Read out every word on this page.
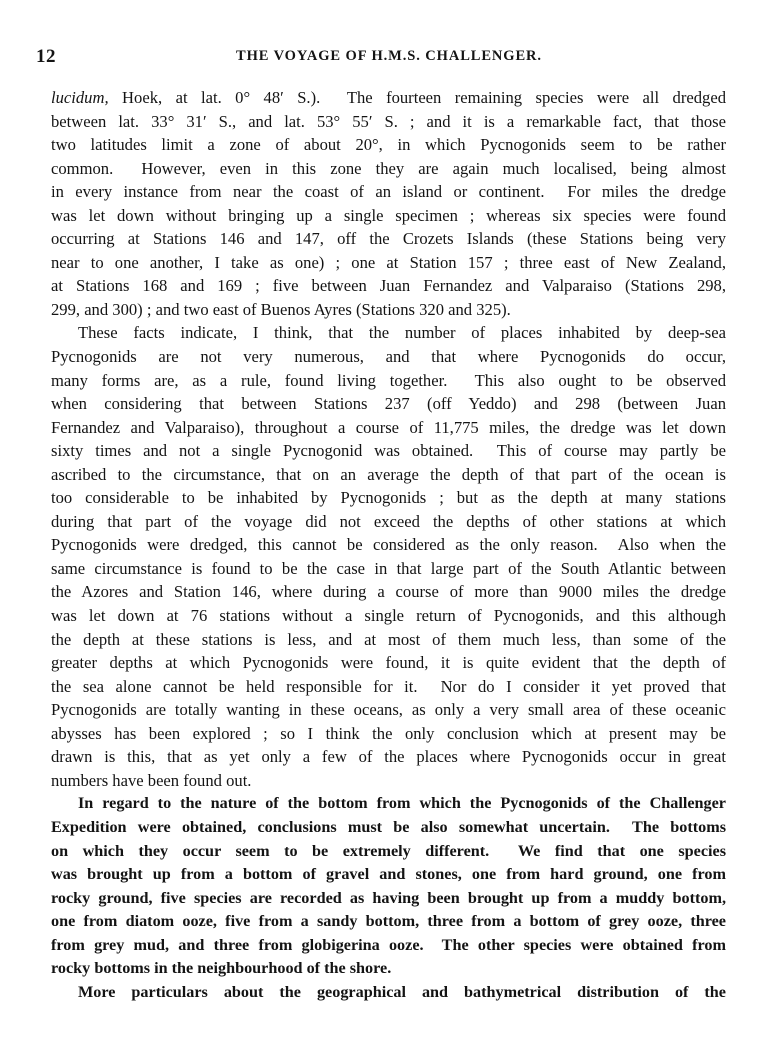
12	THE VOYAGE OF H.M.S. CHALLENGER.
lucidum, Hoek, at lat. 0° 48′ S.).  The fourteen remaining species were all dredged
between lat. 33° 31′ S., and lat. 53° 55′ S. ; and it is a remarkable fact, that those
two latitudes limit a zone of about 20°, in which Pycnogonids seem to be rather
common.  However, even in this zone they are again much localised, being almost
in every instance from near the coast of an island or continent.  For miles the dredge
was let down without bringing up a single specimen ; whereas six species were found
occurring at Stations 146 and 147, off the Crozets Islands (these Stations being very
near to one another, I take as one) ; one at Station 157 ; three east of New Zealand,
at Stations 168 and 169 ; five between Juan Fernandez and Valparaiso (Stations 298,
299, and 300) ; and two east of Buenos Ayres (Stations 320 and 325).
These facts indicate, I think, that the number of places inhabited by deep-sea
Pycnogonids are not very numerous, and that where Pycnogonids do occur,
many forms are, as a rule, found living together.  This also ought to be observed
when considering that between Stations 237 (off Yeddo) and 298 (between Juan
Fernandez and Valparaiso), throughout a course of 11,775 miles, the dredge was let down
sixty times and not a single Pycnogonid was obtained.  This of course may partly be
ascribed to the circumstance, that on an average the depth of that part of the ocean is
too considerable to be inhabited by Pycnogonids ; but as the depth at many stations
during that part of the voyage did not exceed the depths of other stations at which
Pycnogonids were dredged, this cannot be considered as the only reason.  Also when the
same circumstance is found to be the case in that large part of the South Atlantic between
the Azores and Station 146, where during a course of more than 9000 miles the dredge
was let down at 76 stations without a single return of Pycnogonids, and this although
the depth at these stations is less, and at most of them much less, than some of the
greater depths at which Pycnogonids were found, it is quite evident that the depth of
the sea alone cannot be held responsible for it.  Nor do I consider it yet proved that
Pycnogonids are totally wanting in these oceans, as only a very small area of these oceanic
abysses has been explored ; so I think the only conclusion which at present may be
drawn is this, that as yet only a few of the places where Pycnogonids occur in great
numbers have been found out.
In regard to the nature of the bottom from which the Pycnogonids of the Challenger
Expedition were obtained, conclusions must be also somewhat uncertain.  The bottoms
on which they occur seem to be extremely different.  We find that one species
was brought up from a bottom of gravel and stones, one from hard ground, one from
rocky ground, five species are recorded as having been brought up from a muddy bottom,
one from diatom ooze, five from a sandy bottom, three from a bottom of grey ooze, three
from grey mud, and three from globigerina ooze.  The other species were obtained from
rocky bottoms in the neighbourhood of the shore.
More particulars about the geographical and bathymetrical distribution of the
